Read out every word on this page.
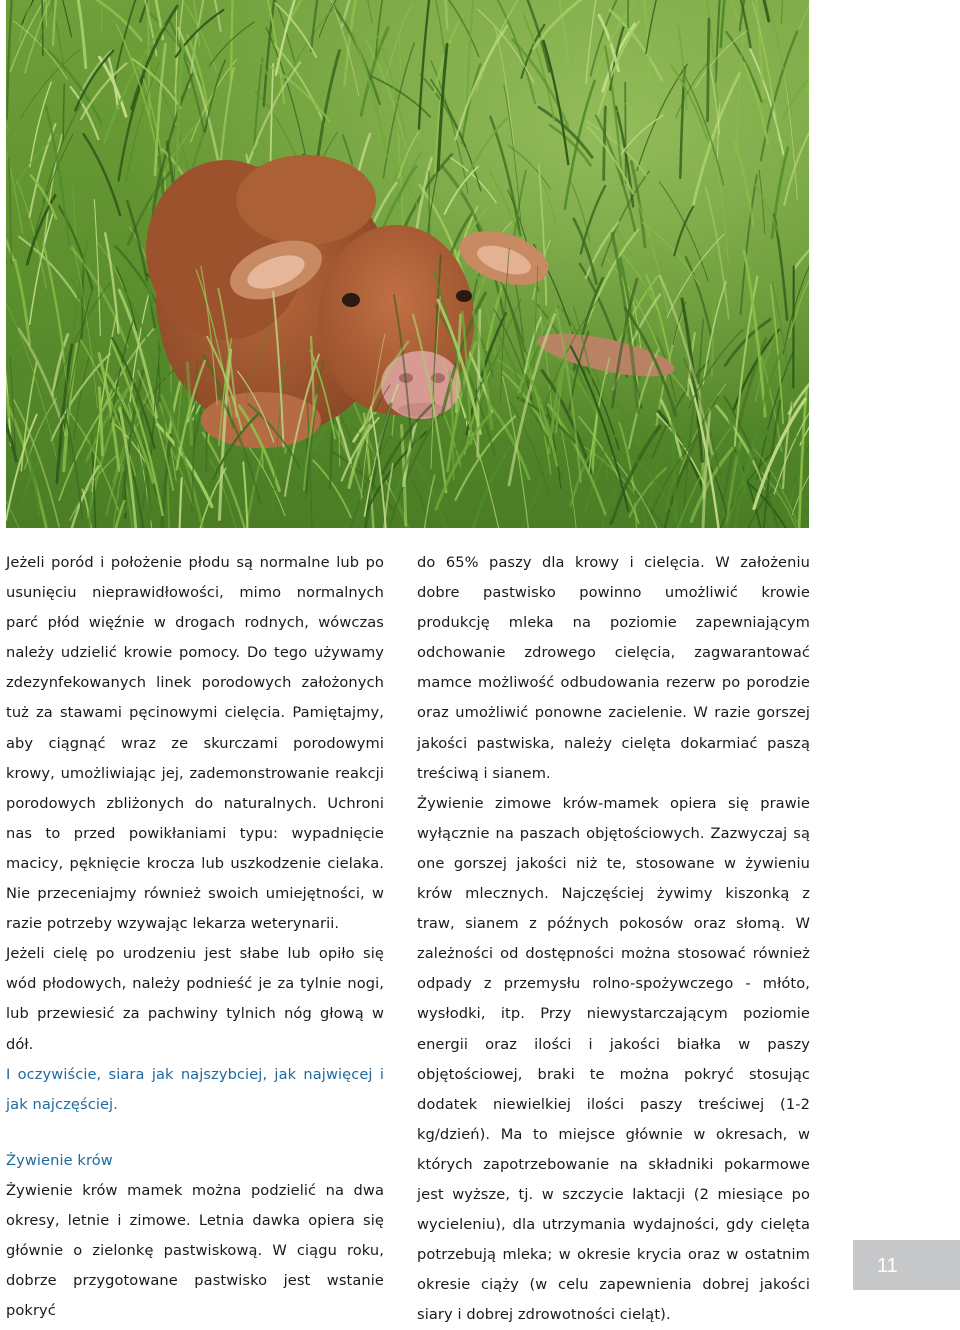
Jeżeli poród i położenie płodu są normalne lub po usunięciu nieprawidłowości, mimo normalnych parć płód więźnie w drogach rodnych, wówczas należy udzielić krowie pomocy. Do tego używamy zdezynfekowanych linek porodowych założonych tuż za stawami pęcinowymi cielęcia. Pamiętajmy, aby ciągnąć wraz ze skurczami porodowymi krowy, umożliwiając jej, zademonstrowanie reakcji porodowych zbliżonych do naturalnych. Uchroni nas to przed powikłaniami typu: wypadnięcie macicy, pęknięcie krocza lub uszkodzenie cielaka. Nie przeceniajmy również swoich umiejętności, w razie potrzeby wzywając lekarza weterynarii.

Jeżeli cielę po urodzeniu jest słabe lub opiło się wód płodowych, należy podnieść je za tylnie nogi, lub przewiesić za pachwiny tylnich nóg głową w dół.

I oczywiście, siara jak najszybciej, jak najwięcej i jak najczęściej.

Żywienie krów

Żywienie krów mamek można podzielić na dwa okresy, letnie i zimowe. Letnia dawka opiera się głównie o zielonkę pastwiskową. W ciągu roku, dobrze przygotowane pastwisko jest wstanie pokryć

do 65% paszy dla krowy i cielęcia. W założeniu dobre pastwisko powinno umożliwić krowie produkcję mleka na poziomie zapewniającym odchowanie zdrowego cielęcia, zagwarantować mamce możliwość odbudowania rezerw po porodzie oraz umożliwić ponowne zacielenie. W razie gorszej jakości pastwiska, należy cielęta dokarmiać paszą treściwą i sianem.

Żywienie zimowe krów-mamek opiera się prawie wyłącznie na paszach objętościowych. Zazwyczaj są one gorszej jakości niż te, stosowane w żywieniu krów mlecznych. Najczęściej żywimy kiszonką z traw, sianem z późnych pokosów oraz słomą. W zależności od dostępności można stosować również odpady z przemysłu rolno-spożywczego - młóto, wysłodki, itp. Przy niewystarczającym poziomie energii oraz ilości i jakości białka w paszy objętościowej, braki te można pokryć stosując dodatek niewielkiej ilości paszy treściwej (1-2 kg/dzień). Ma to miejsce głównie w okresach, w których zapotrzebowanie na składniki pokarmowe jest wyższe, tj. w szczycie laktacji (2 miesiące po wycieleniu), dla utrzymania wydajności, gdy cielęta potrzebują mleka; w okresie krycia oraz w ostatnim okresie ciąży (w celu zapewnienia dobrej jakości siary i dobrej zdrowotności cieląt).

11
